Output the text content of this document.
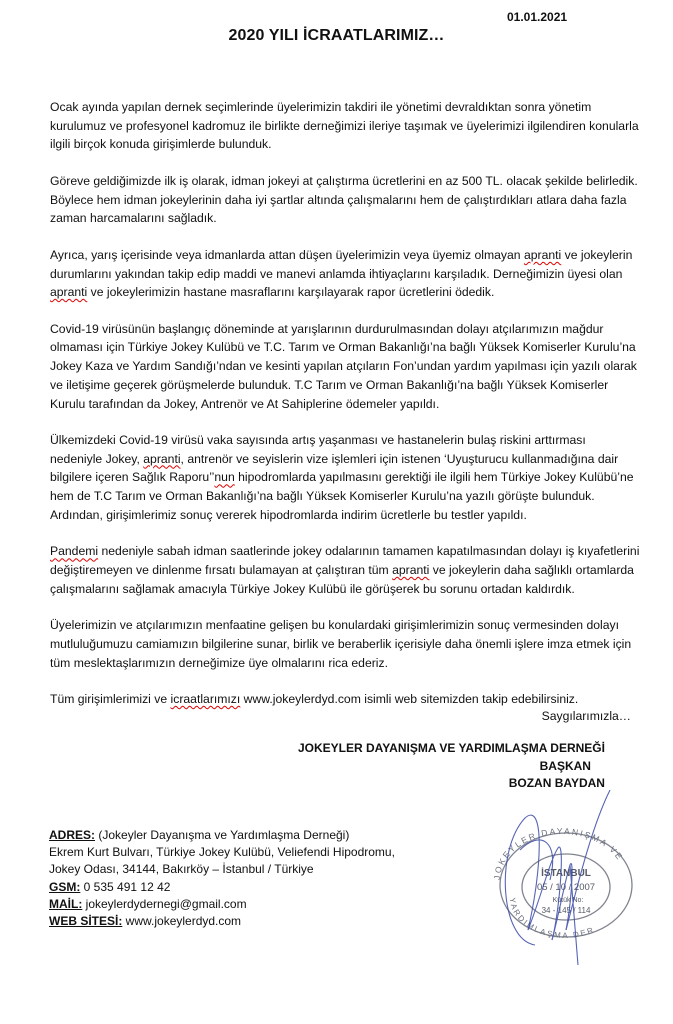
01.01.2021
2020 YILI İCRAATLARIMIZ…

Ocak ayında yapılan dernek seçimlerinde üyelerimizin takdiri ile yönetimi devraldıktan sonra yönetim kurulumuz ve profesyonel kadromuz ile birlikte derneğimizi ileriye taşımak ve üyelerimizi ilgilendiren konularla ilgili birçok konuda girişimlerde bulunduk.

Göreve geldiğimizde ilk iş olarak, idman jokeyi at çalıştırma ücretlerini en az 500 TL. olacak şekilde belirledik. Böylece hem idman jokeylerinin daha iyi şartlar altında çalışmalarını hem de çalıştırdıkları atlara daha fazla zaman harcamalarını sağladık.

Ayrıca, yarış içerisinde veya idmanlarda attan düşen üyelerimizin veya üyemiz olmayan apranti ve jokeylerin durumlarını yakından takip edip maddi ve manevi anlamda ihtiyaçlarını karşıladık. Derneğimizin üyesi olan apranti ve jokeylerimizin hastane masraflarını karşılayarak rapor ücretlerini ödedik.

Covid-19 virüsünün başlangıç döneminde at yarışlarının durdurulmasından dolayı atçılarımızın mağdur olmaması için Türkiye Jokey Kulübü ve T.C. Tarım ve Orman Bakanlığı’na bağlı Yüksek Komiserler Kurulu’na Jokey Kaza ve Yardım Sandığı’ndan ve kesinti yapılan atçıların Fon’undan yardım yapılması için yazılı olarak ve iletişime geçerek görüşmelerde bulunduk. T.C Tarım ve Orman Bakanlığı’na bağlı Yüksek Komiserler Kurulu tarafından da Jokey, Antrenör ve At Sahiplerine ödemeler yapıldı.

Ülkemizdeki Covid-19 virüsü vaka sayısında artış yaşanması ve hastanelerin bulaş riskini arttırması nedeniyle Jokey, apranti, antrenör ve seyislerin vize işlemleri için istenen ‘Uyuşturucu kullanmadığına dair bilgilere içeren Sağlık Raporu’’nun hipodromlarda yapılmasını gerektiği ile ilgili hem Türkiye Jokey Kulübü’ne hem de T.C Tarım ve Orman Bakanlığı’na bağlı Yüksek Komiserler Kurulu’na yazılı görüşte bulunduk. Ardından, girişimlerimiz sonuç vererek hipodromlarda indirim ücretlerle bu testler yapıldı.

Pandemi nedeniyle sabah idman saatlerinde jokey odalarının tamamen kapatılmasından dolayı iş kıyafetlerini değiştiremeyen ve dinlenme fırsatı bulamayan at çalıştıran tüm apranti ve jokeylerin daha sağlıklı ortamlarda çalışmalarını sağlamak amacıyla Türkiye Jokey Kulübü ile görüşerek bu sorunu ortadan kaldırdık.

Üyelerimizin ve atçılarımızın menfaatine gelişen bu konulardaki girişimlerimizin sonuç vermesinden dolayı mutluluğumuzu camiamızın bilgilerine sunar, birlik ve beraberlik içerisiyle daha önemli işlere imza etmek için tüm meslektaşlarımızın derneğimize üye olmalarını rica ederiz.

Tüm girişimlerimizi ve icraatlarımızı www.jokeylerdyd.com isimli web sitemizden takip edebilirsiniz.

Saygılarımızla…
JOKEYLER DAYANIŞMA VE YARDIMLAŞMA DERNEĞİ
BAŞKAN
BOZAN BAYDAN
ADRES: (Jokeyler Dayanışma ve Yardımlaşma Derneği)
Ekrem Kurt Bulvarı, Türkiye Jokey Kulübü, Veliefendi Hipodromu,
Jokey Odası, 34144, Bakırköy – İstanbul / Türkiye
GSM: 0 535 491 12 42
MAİL: jokeylerdydernegi@gmail.com
WEB SİTESİ: www.jokeylerdyd.com
JOKEYLER DAYANIŞMA VE
YARDIMLAŞMA DER
İSTANBUL
05 / 10 / 2007
Kütük No:
34 - 145 / 114
